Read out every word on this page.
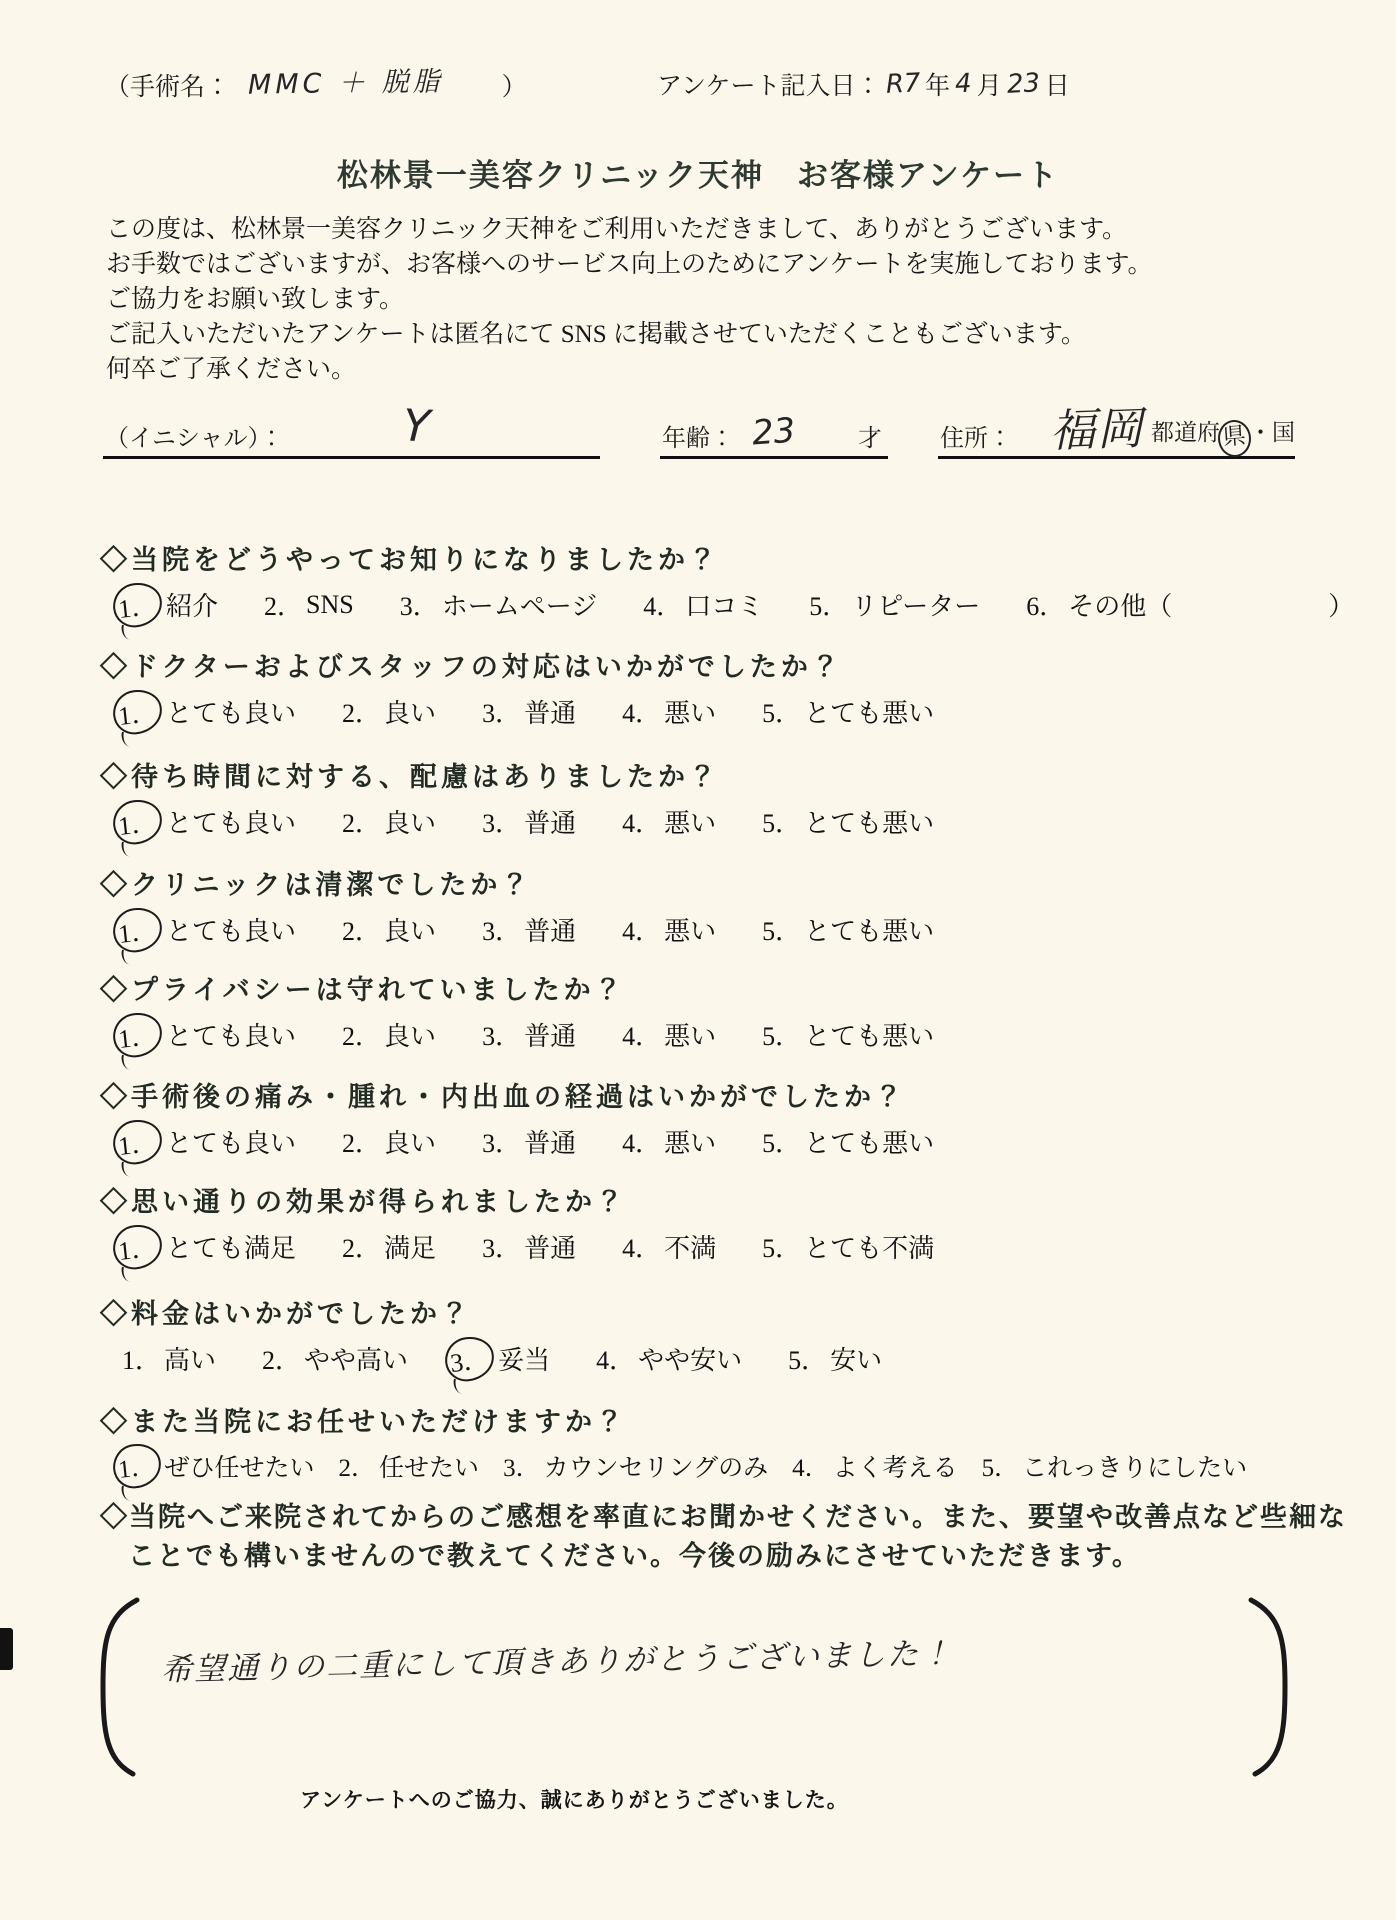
（手術名： MMC ＋ 脱脂 ）	アンケート記入日： R7 年 4 月 23 日
松林景一美容クリニック天神　お客様アンケート
この度は、松林景一美容クリニック天神をご利用いただきまして、ありがとうございます。
お手数ではございますが、お客様へのサービス向上のためにアンケートを実施しております。
ご協力をお願い致します。
ご記入いただいたアンケートは匿名にて SNS に掲載させていただくこともございます。
何卒ご了承ください。
（イニシャル）：	Y	年齢： 23	才 住所： 福岡 都道府県・国
◇当院をどうやってお知りになりましたか？
1． 紹介 2． SNS 3． ホームページ 4． 口コミ 5． リピーター 6． その他（　　　　　　）
◇ドクターおよびスタッフの対応はいかがでしたか？
1． とても良い 2． 良い 3． 普通 4． 悪い 5． とても悪い
◇待ち時間に対する、配慮はありましたか？
1． とても良い 2． 良い 3． 普通 4． 悪い 5． とても悪い
◇クリニックは清潔でしたか？
1． とても良い 2． 良い 3． 普通 4． 悪い 5． とても悪い
◇プライバシーは守れていましたか？
1． とても良い 2． 良い 3． 普通 4． 悪い 5． とても悪い
◇手術後の痛み・腫れ・内出血の経過はいかがでしたか？
1． とても良い 2． 良い 3． 普通 4． 悪い 5． とても悪い
◇思い通りの効果が得られましたか？
1． とても満足 2． 満足 3． 普通 4． 不満 5． とても不満
◇料金はいかがでしたか？
1． 高い 2． やや高い 3． 妥当 4． やや安い 5． 安い
◇また当院にお任せいただけますか？
1． ぜひ任せたい 2． 任せたい 3． カウンセリングのみ 4． よく考える 5． これっきりにしたい
◇当院へご来院されてからのご感想を率直にお聞かせください。また、要望や改善点など些細な
ことでも構いませんので教えてください。今後の励みにさせていただきます。
希望通りの二重にして頂きありがとうございました！
アンケートへのご協力、誠にありがとうございました。
